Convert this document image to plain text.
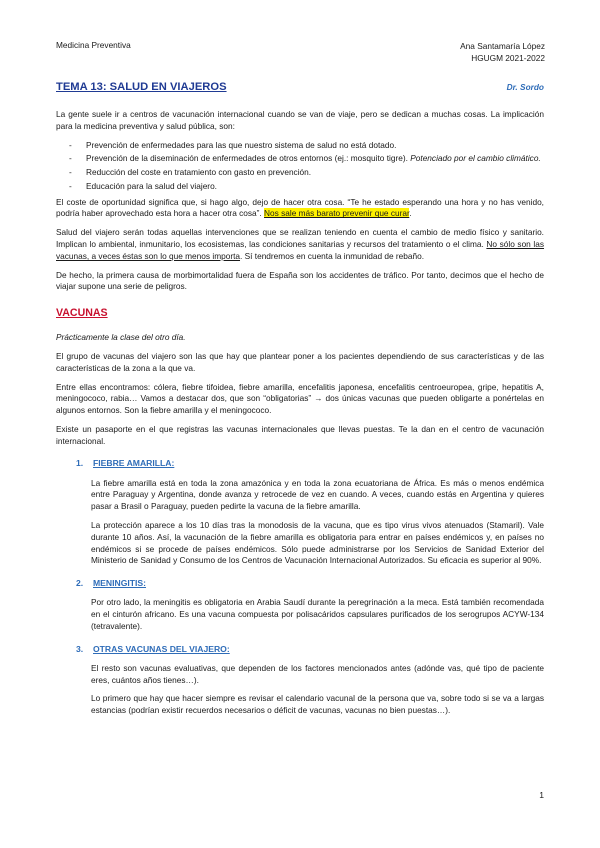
Medicina Preventiva	Ana Santamaría López
HGUGM 2021-2022
TEMA 13: SALUD EN VIAJEROS	Dr. Sordo

La gente suele ir a centros de vacunación internacional cuando se van de viaje, pero se dedican a muchas cosas. La implicación para la medicina preventiva y salud pública, son:

- Prevención de enfermedades para las que nuestro sistema de salud no está dotado.
- Prevención de la diseminación de enfermedades de otros entornos (ej.: mosquito tigre). Potenciado por el cambio climático.
- Reducción del coste en tratamiento con gasto en prevención.
- Educación para la salud del viajero.

El coste de oportunidad significa que, si hago algo, dejo de hacer otra cosa. “Te he estado esperando una hora y no has venido, podría haber aprovechado esta hora a hacer otra cosa”. Nos sale más barato prevenir que curar.

Salud del viajero serán todas aquellas intervenciones que se realizan teniendo en cuenta el cambio de medio físico y sanitario. Implican lo ambiental, inmunitario, los ecosistemas, las condiciones sanitarias y recursos del tratamiento o el clima. No sólo son las vacunas, a veces éstas son lo que menos importa. Sí tendremos en cuenta la inmunidad de rebaño.

De hecho, la primera causa de morbimortalidad fuera de España son los accidentes de tráfico. Por tanto, decimos que el hecho de viajar supone una serie de peligros.

VACUNAS

Prácticamente la clase del otro día.

El grupo de vacunas del viajero son las que hay que plantear poner a los pacientes dependiendo de sus características y de las características de la zona a la que va.

Entre ellas encontramos: cólera, fiebre tifoidea, fiebre amarilla, encefalitis japonesa, encefalitis centroeuropea, gripe, hepatitis A, meningococo, rabia… Vamos a destacar dos, que son “obligatorias” → dos únicas vacunas que pueden obligarte a ponértelas en algunos entornos. Son la fiebre amarilla y el meningococo.

Existe un pasaporte en el que registras las vacunas internacionales que llevas puestas. Te la dan en el centro de vacunación internacional.

1. FIEBRE AMARILLA:

La fiebre amarilla está en toda la zona amazónica y en toda la zona ecuatoriana de África. Es más o menos endémica entre Paraguay y Argentina, donde avanza y retrocede de vez en cuando. A veces, cuando estás en Argentina y quieres pasar a Brasil o Paraguay, pueden pedirte la vacuna de la fiebre amarilla.

La protección aparece a los 10 días tras la monodosis de la vacuna, que es tipo virus vivos atenuados (Stamaril). Vale durante 10 años. Así, la vacunación de la fiebre amarilla es obligatoria para entrar en países endémicos y, en países no endémicos si se procede de países endémicos. Sólo puede administrarse por los Servicios de Sanidad Exterior del Ministerio de Sanidad y Consumo de los Centros de Vacunación Internacional Autorizados. Su eficacia es superior al 90%.

2. MENINGITIS:

Por otro lado, la meningitis es obligatoria en Arabia Saudí durante la peregrinación a la meca. Está también recomendada en el cinturón africano. Es una vacuna compuesta por polisacáridos capsulares purificados de los serogrupos ACYW-134 (tetravalente).

3. OTRAS VACUNAS DEL VIAJERO:

El resto son vacunas evaluativas, que dependen de los factores mencionados antes (adónde vas, qué tipo de paciente eres, cuántos años tienes…).

Lo primero que hay que hacer siempre es revisar el calendario vacunal de la persona que va, sobre todo si se va a largas estancias (podrían existir recuerdos necesarios o déficit de vacunas, vacunas no bien puestas…).

1
